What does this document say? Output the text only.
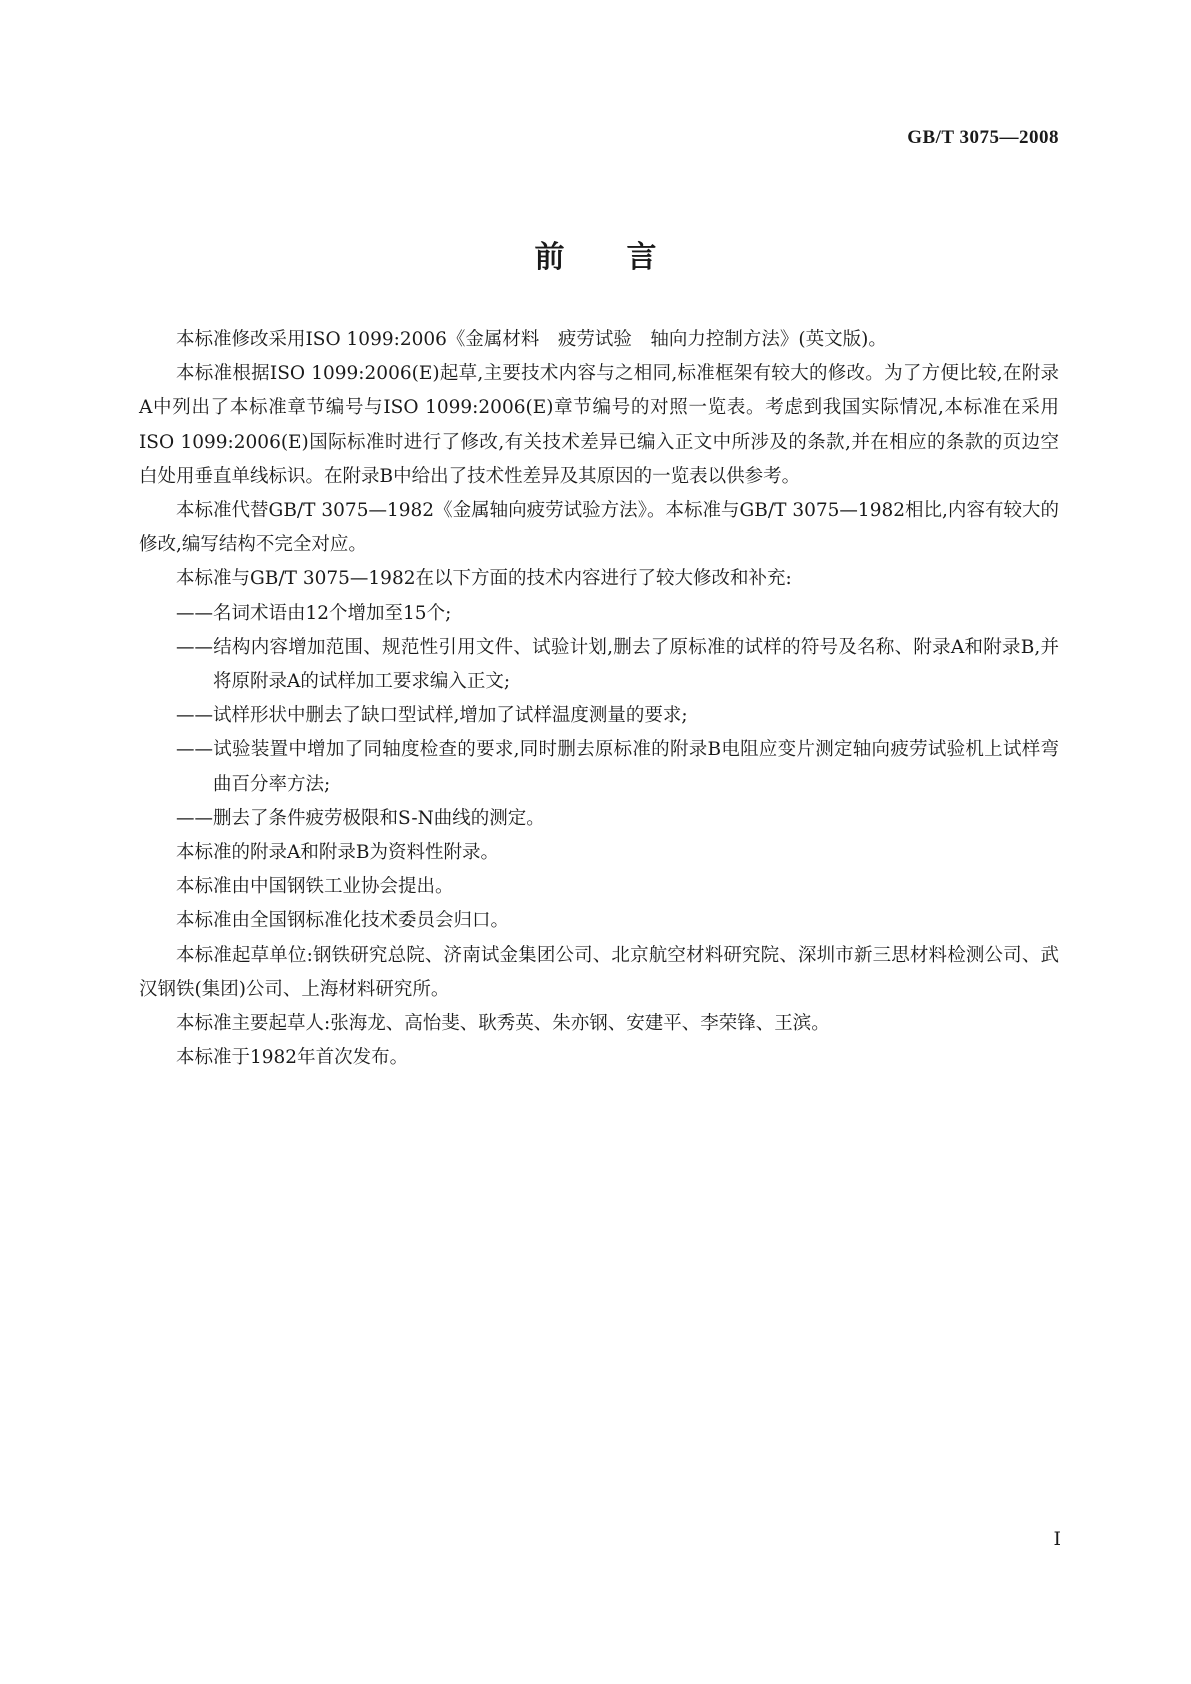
GB/T 3075—2008
前 言

本标准修改采用ISO 1099:2006《金属材料　疲劳试验　轴向力控制方法》(英文版)。

本标准根据ISO 1099:2006(E)起草,主要技术内容与之相同,标准框架有较大的修改。为了方便比较,在附录A中列出了本标准章节编号与ISO 1099:2006(E)章节编号的对照一览表。考虑到我国实际情况,本标准在采用ISO 1099:2006(E)国际标准时进行了修改,有关技术差异已编入正文中所涉及的条款,并在相应的条款的页边空白处用垂直单线标识。在附录B中给出了技术性差异及其原因的一览表以供参考。

本标准代替GB/T 3075—1982《金属轴向疲劳试验方法》。本标准与GB/T 3075—1982相比,内容有较大的修改,编写结构不完全对应。

本标准与GB/T 3075—1982在以下方面的技术内容进行了较大修改和补充:

——名词术语由12个增加至15个;

——结构内容增加范围、规范性引用文件、试验计划,删去了原标准的试样的符号及名称、附录A和附录B,并将原附录A的试样加工要求编入正文;

——试样形状中删去了缺口型试样,增加了试样温度测量的要求;

——试验装置中增加了同轴度检查的要求,同时删去原标准的附录B电阻应变片测定轴向疲劳试验机上试样弯曲百分率方法;

——删去了条件疲劳极限和S-N曲线的测定。

本标准的附录A和附录B为资料性附录。

本标准由中国钢铁工业协会提出。

本标准由全国钢标准化技术委员会归口。

本标准起草单位:钢铁研究总院、济南试金集团公司、北京航空材料研究院、深圳市新三思材料检测公司、武汉钢铁(集团)公司、上海材料研究所。

本标准主要起草人:张海龙、高怡斐、耿秀英、朱亦钢、安建平、李荣锋、王滨。

本标准于1982年首次发布。

Ⅰ
